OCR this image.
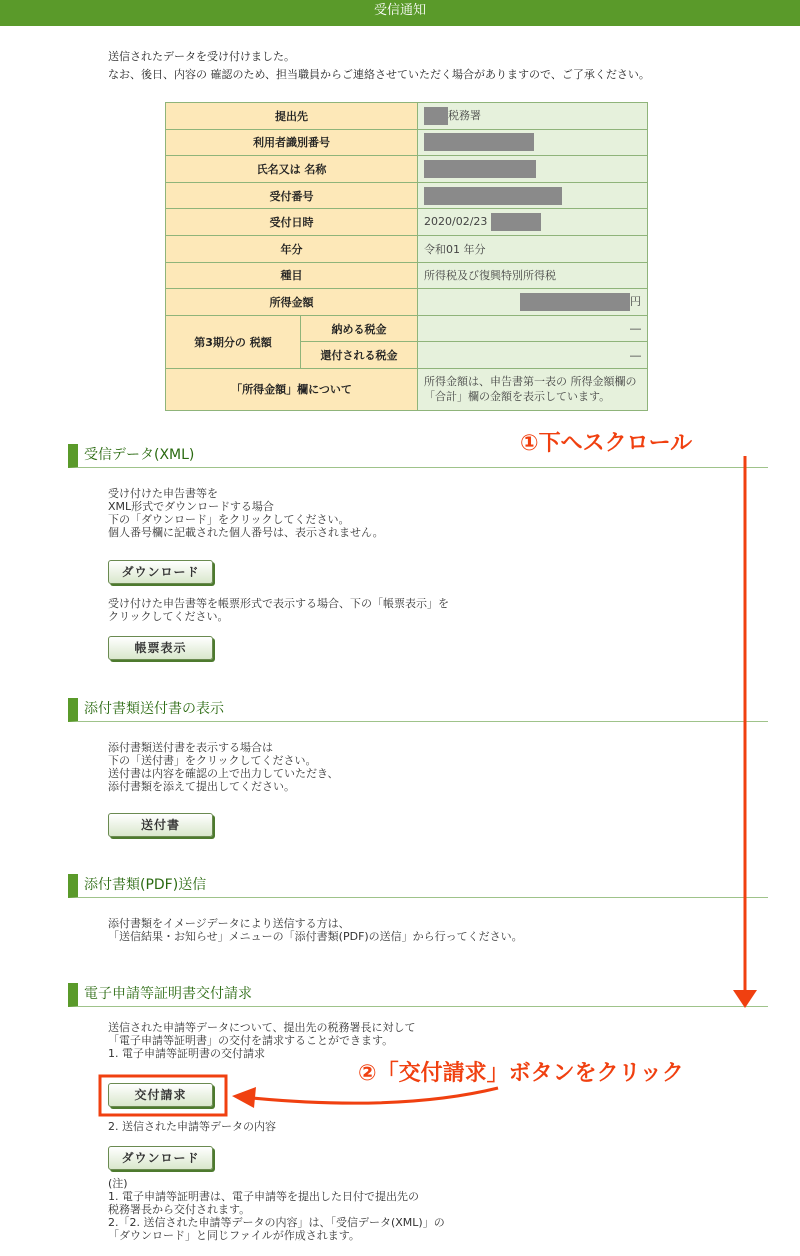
受信通知
送信されたデータを受け付けました。
なお、後日、内容の 確認のため、担当職員からご連絡させていただく場合がありますので、ご了承ください。
提出先		税務署
利用者識別番号		
氏名又は 名称		
受付番号		
受付日時		2020/02/23
年分		令和01 年分
種目		所得税及び復興特別所得税
所得金額		円
第3期分の 税額	納める税金	―
	還付される税金	―
「所得金額」欄について		所得金額は、申告書第一表の 所得金額欄の「合計」欄の金額を表示しています。
受信データ(XML)
受け付けた申告書等を
XML形式でダウンロードする場合
下の「ダウンロード」をクリックしてください。
個人番号欄に記載された個人番号は、表示されません。
ダウンロード
受け付けた申告書等を帳票形式で表示する場合、下の「帳票表示」を
クリックしてください。
帳票表示
添付書類送付書の表示
添付書類送付書を表示する場合は
下の「送付書」をクリックしてください。
送付書は内容を確認の上で出力していただき、
添付書類を添えて提出してください。
送付書
添付書類(PDF)送信
添付書類をイメージデータにより送信する方は、
「送信結果・お知らせ」メニューの「添付書類(PDF)の送信」から行ってください。
電子申請等証明書交付請求
送信された申請等データについて、提出先の税務署長に対して
「電子申請等証明書」の交付を請求することができます。
1. 電子申請等証明書の交付請求
交付請求
2. 送信された申請等データの内容
ダウンロード
(注)
1. 電子申請等証明書は、電子申請等を提出した日付で提出先の
税務署長から交付されます。
2.「2. 送信された申請等データの内容」は、「受信データ(XML)」の
「ダウンロード」と同じファイルが作成されます。
①下へスクロール
②「交付請求」ボタンをクリック
